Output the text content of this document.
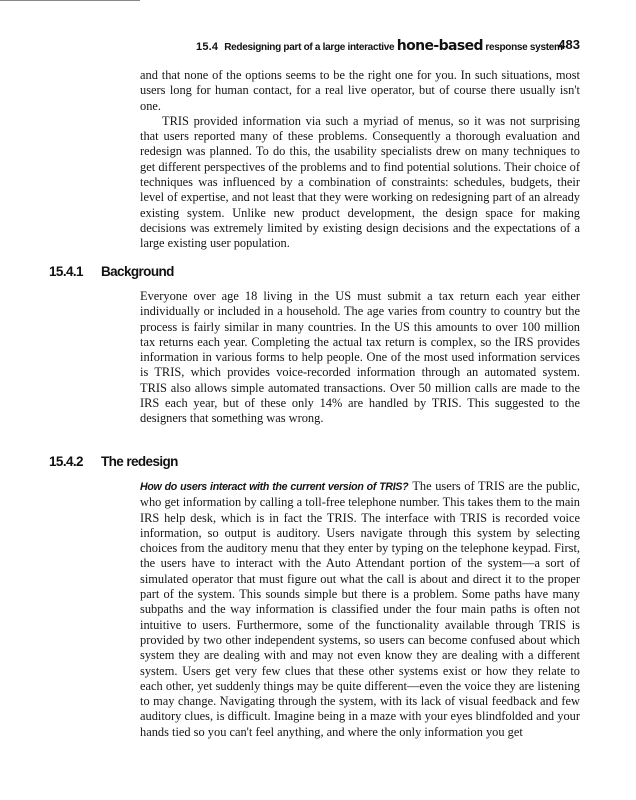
15.4 Redesigning part of a large interactive hone-based response system
483

and that none of the options seems to be the right one for you. In such situations, most users long for human contact, for a real live operator, but of course there usually isn't one.

TRIS provided information via such a myriad of menus, so it was not surprising that users reported many of these problems. Consequently a thorough evaluation and redesign was planned. To do this, the usability specialists drew on many techniques to get different perspectives of the problems and to find potential solutions. Their choice of techniques was influenced by a combination of constraints: schedules, budgets, their level of expertise, and not least that they were working on redesigning part of an already existing system. Unlike new product development, the design space for making decisions was extremely limited by existing design decisions and the expectations of a large existing user population.

15.4.1 Background

Everyone over age 18 living in the US must submit a tax return each year either individually or included in a household. The age varies from country to country but the process is fairly similar in many countries. In the US this amounts to over 100 million tax returns each year. Completing the actual tax return is complex, so the IRS provides information in various forms to help people. One of the most used information services is TRIS, which provides voice-recorded information through an automated system. TRIS also allows simple automated transactions. Over 50 million calls are made to the IRS each year, but of these only 14% are handled by TRIS. This suggested to the designers that something was wrong.

15.4.2 The redesign

How do users interact with the current version of TRIS? The users of TRIS are the public, who get information by calling a toll-free telephone number. This takes them to the main IRS help desk, which is in fact the TRIS. The interface with TRIS is recorded voice information, so output is auditory. Users navigate through this system by selecting choices from the auditory menu that they enter by typing on the telephone keypad. First, the users have to interact with the Auto Attendant portion of the system—a sort of simulated operator that must figure out what the call is about and direct it to the proper part of the system. This sounds simple but there is a problem. Some paths have many subpaths and the way information is classified under the four main paths is often not intuitive to users. Furthermore, some of the functionality available through TRIS is provided by two other independent systems, so users can become confused about which system they are dealing with and may not even know they are dealing with a different system. Users get very few clues that these other systems exist or how they relate to each other, yet suddenly things may be quite different—even the voice they are listening to may change. Navigating through the system, with its lack of visual feedback and few auditory clues, is difficult. Imagine being in a maze with your eyes blindfolded and your hands tied so you can't feel anything, and where the only information you get
